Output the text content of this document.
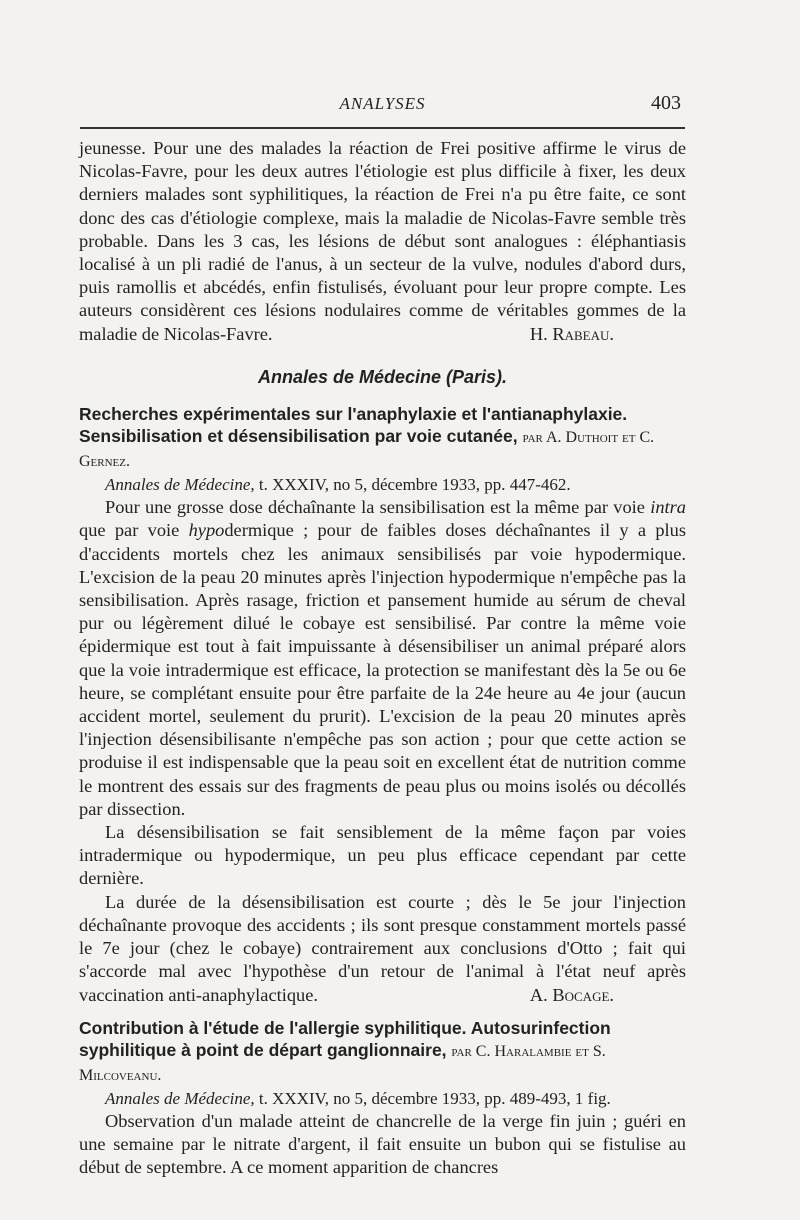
ANALYSES	403

jeunesse. Pour une des malades la réaction de Frei positive affirme le virus de Nicolas-Favre, pour les deux autres l'étiologie est plus difficile à fixer, les deux derniers malades sont syphilitiques, la réaction de Frei n'a pu être faite, ce sont donc des cas d'étiologie complexe, mais la maladie de Nicolas-Favre semble très probable. Dans les 3 cas, les lésions de début sont analogues : éléphantiasis localisé à un pli radié de l'anus, à un secteur de la vulve, nodules d'abord durs, puis ramollis et abcédés, enfin fistulisés, évoluant pour leur propre compte. Les auteurs considèrent ces lésions nodulaires comme de véritables gommes de la maladie de Nicolas-Favre.	H. Rabeau.

Annales de Médecine (Paris).
Recherches expérimentales sur l'anaphylaxie et l'antianaphylaxie. Sensibilisation et désensibilisation par voie cutanée, par A. Duthoit et C. Gernez.

Annales de Médecine, t. XXXIV, no 5, décembre 1933, pp. 447-462.

Pour une grosse dose déchaînante la sensibilisation est la même par voie intra que par voie hypodermique ; pour de faibles doses déchaînantes il y a plus d'accidents mortels chez les animaux sensibilisés par voie hypodermique. L'excision de la peau 20 minutes après l'injection hypodermique n'empêche pas la sensibilisation. Après rasage, friction et pansement humide au sérum de cheval pur ou légèrement dilué le cobaye est sensibilisé. Par contre la même voie épidermique est tout à fait impuissante à désensibiliser un animal préparé alors que la voie intradermique est efficace, la protection se manifestant dès la 5e ou 6e heure, se complétant ensuite pour être parfaite de la 24e heure au 4e jour (aucun accident mortel, seulement du prurit). L'excision de la peau 20 minutes après l'injection désensibilisante n'empêche pas son action ; pour que cette action se produise il est indispensable que la peau soit en excellent état de nutrition comme le montrent des essais sur des fragments de peau plus ou moins isolés ou décollés par dissection.

La désensibilisation se fait sensiblement de la même façon par voies intradermique ou hypodermique, un peu plus efficace cependant par cette dernière.

La durée de la désensibilisation est courte ; dès le 5e jour l'injection déchaînante provoque des accidents ; ils sont presque constamment mortels passé le 7e jour (chez le cobaye) contrairement aux conclusions d'Otto ; fait qui s'accorde mal avec l'hypothèse d'un retour de l'animal à l'état neuf après vaccination anti-anaphylactique.	A. Bocage.

Contribution à l'étude de l'allergie syphilitique. Autosurinfection syphilitique à point de départ ganglionnaire, par C. Haralambie et S. Milcoveanu.

Annales de Médecine, t. XXXIV, no 5, décembre 1933, pp. 489-493, 1 fig.

Observation d'un malade atteint de chancrelle de la verge fin juin ; guéri en une semaine par le nitrate d'argent, il fait ensuite un bubon qui se fistulise au début de septembre. A ce moment apparition de chancres
